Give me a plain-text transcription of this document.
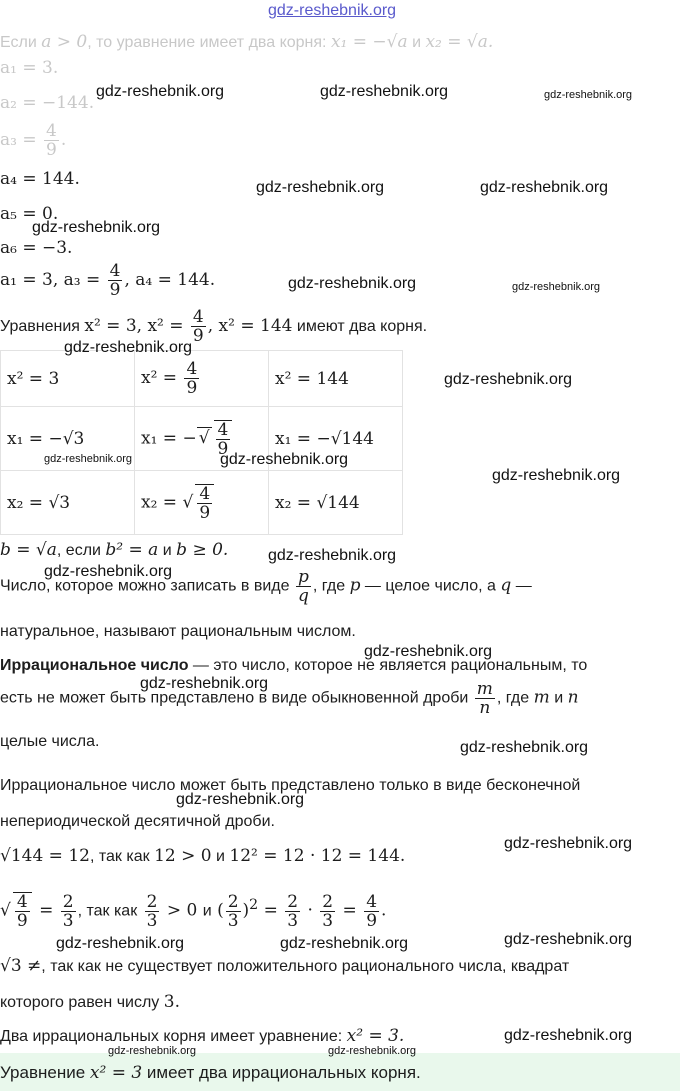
gdz-reshebnik.org
Если a > 0, то уравнение имеет два корня: x₁ = −√a и x₂ = √a.
a₁ = 3.
a₂ = −144.
$a_3 = \frac{4}{9}$ .
a₄ = 144.
a₅ = 0.
a₆ = −3.
a₁ = 3, $a_3 = \frac{4}{9}$ , a₄ = 144.
Уравнения x² = 3, $x^2 = \frac{4}{9}$ , x² = 144 имеют два корня.
x² = 3	$x^2 = \frac{4}{9}$	x² = 144
x₁ = −√3	x₁ = − √ $\frac{4}{9}$	x₁ = −√144
x₂ = √3	x₂ = √ $\frac{4}{9}$	x₂ = √144
b = √a, если b² = a и b ≥ 0.
Число, которое можно записать в виде $\frac{p}{q}$ , где p — целое число, а q —
натуральное, называют рациональным числом.
Иррациональное число — это число, которое не является рациональным, то
есть не может быть представлено в виде обыкновенной дроби $\frac{m}{n}$ , где m и n
целые числа.
Иррациональное число может быть представлено только в виде бесконечной
непериодической десятичной дроби.
√144 = 12, так как 12 > 0 и 12² = 12 · 12 = 144.
√ $\frac{4}{9} = \frac{2}{3}$ , так как $\frac{2}{3} > 0$ и ( $\frac{2}{3} )^2 = \frac{2}{3} \cdot \frac{2}{3} = \frac{4}{9}$ .
√3 ≠, так как не существует положительного рационального числа, квадрат
которого равен числу 3.
Два иррациональных корня имеет уравнение: x² = 3.
Уравнение x² = 3 имеет два иррациональных корня.
gdz-reshebnik.org	gdz-reshebnik.org	gdz-reshebnik.org
gdz-reshebnik.org	gdz-reshebnik.org
gdz-reshebnik.org
gdz-reshebnik.org	gdz-reshebnik.org
gdz-reshebnik.org
gdz-reshebnik.org
gdz-reshebnik.org	gdz-reshebnik.org
gdz-reshebnik.org
gdz-reshebnik.org
gdz-reshebnik.org
gdz-reshebnik.org
gdz-reshebnik.org
gdz-reshebnik.org
gdz-reshebnik.org
gdz-reshebnik.org
gdz-reshebnik.org	gdz-reshebnik.org	gdz-reshebnik.org
gdz-reshebnik.org
gdz-reshebnik.org	gdz-reshebnik.org
